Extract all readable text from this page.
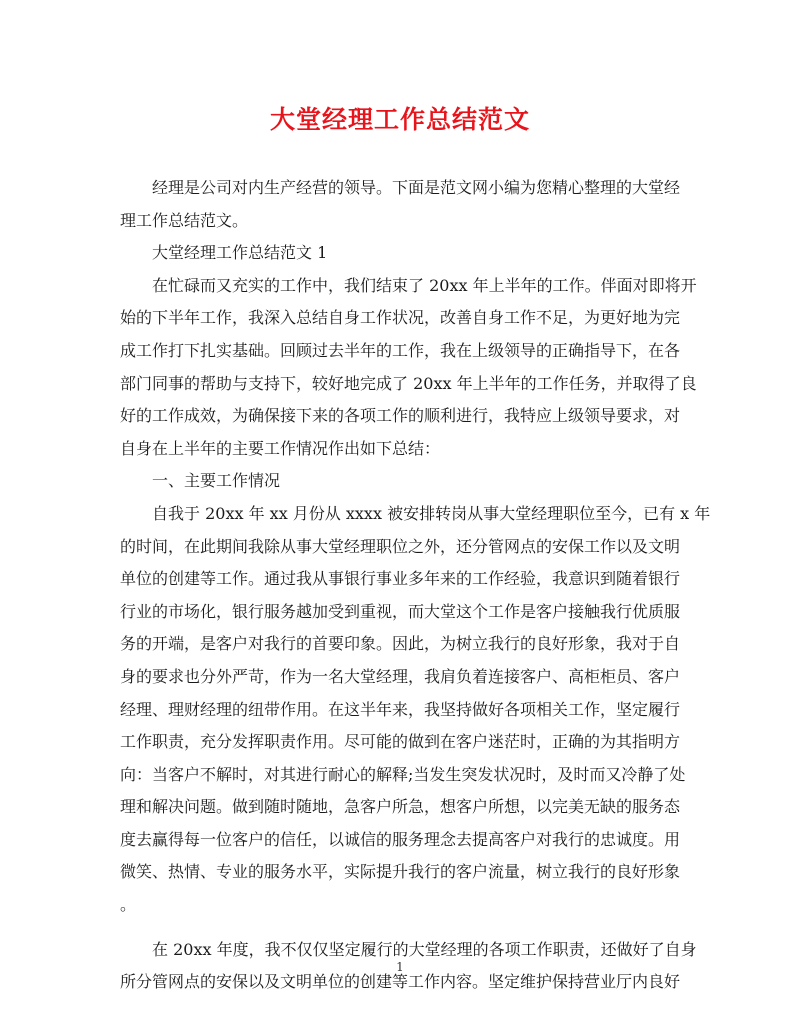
大堂经理工作总结范文
经理是公司对内生产经营的领导。下面是范文网小编为您精心整理的大堂经
理工作总结范文。
大堂经理工作总结范文 1
在忙碌而又充实的工作中，我们结束了 20xx 年上半年的工作。伴面对即将开
始的下半年工作，我深入总结自身工作状况，改善自身工作不足，为更好地为完
成工作打下扎实基础。回顾过去半年的工作，我在上级领导的正确指导下，在各
部门同事的帮助与支持下，较好地完成了 20xx 年上半年的工作任务，并取得了良
好的工作成效，为确保接下来的各项工作的顺利进行，我特应上级领导要求，对
自身在上半年的主要工作情况作出如下总结：
一、主要工作情况
自我于 20xx 年 xx 月份从 xxxx 被安排转岗从事大堂经理职位至今，已有 x 年
的时间，在此期间我除从事大堂经理职位之外，还分管网点的安保工作以及文明
单位的创建等工作。通过我从事银行事业多年来的工作经验，我意识到随着银行
行业的市场化，银行服务越加受到重视，而大堂这个工作是客户接触我行优质服
务的开端，是客户对我行的首要印象。因此，为树立我行的良好形象，我对于自
身的要求也分外严苛，作为一名大堂经理，我肩负着连接客户、高柜柜员、客户
经理、理财经理的纽带作用。在这半年来，我坚持做好各项相关工作，坚定履行
工作职责，充分发挥职责作用。尽可能的做到在客户迷茫时，正确的为其指明方
向：当客户不解时，对其进行耐心的解释;当发生突发状况时，及时而又冷静了处
理和解决问题。做到随时随地，急客户所急，想客户所想，以完美无缺的服务态
度去赢得每一位客户的信任，以诚信的服务理念去提高客户对我行的忠诚度。用
微笑、热情、专业的服务水平，实际提升我行的客户流量，树立我行的良好形象
。
在 20xx 年度，我不仅仅坚定履行的大堂经理的各项工作职责，还做好了自身
所分管网点的安保以及文明单位的创建等工作内容。坚定维护保持营业厅内良好
1
